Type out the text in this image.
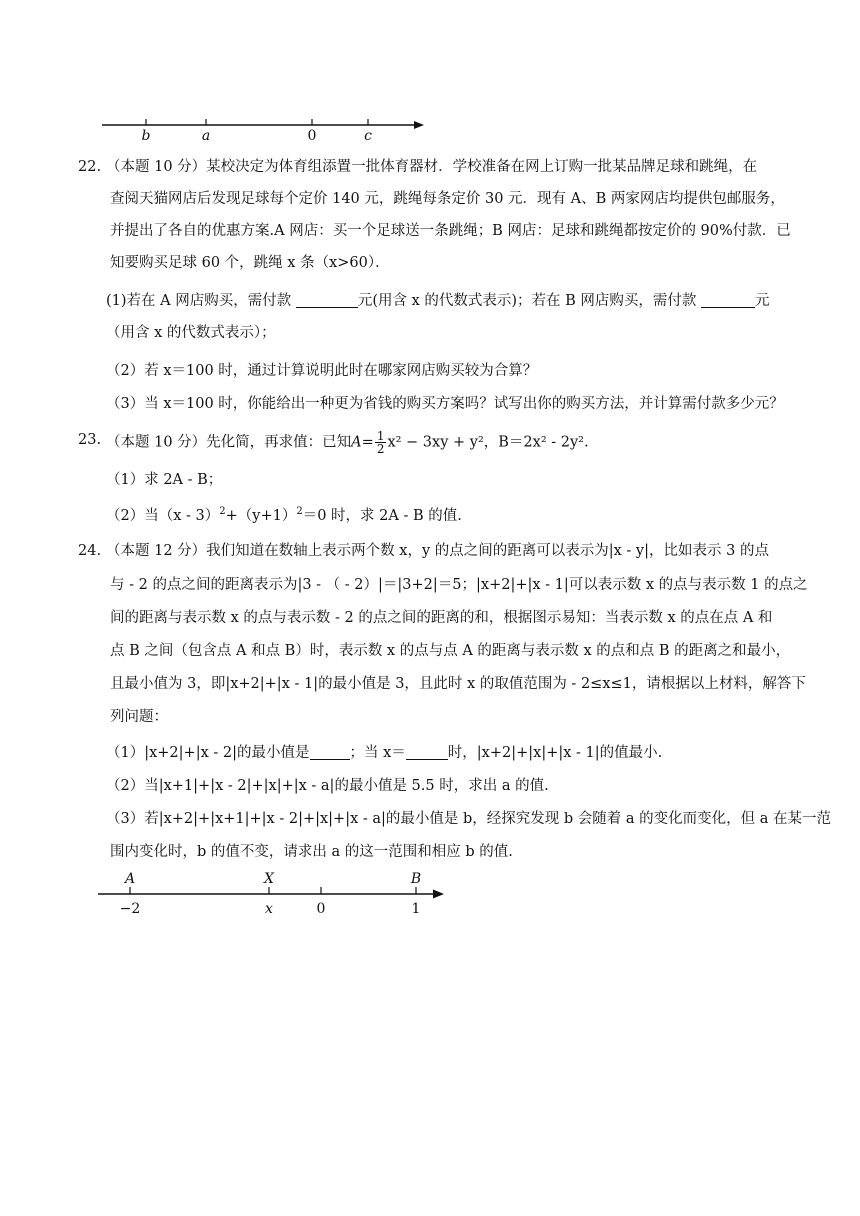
b	a	0	c
22. （本题 10 分）某校决定为体育组添置一批体育器材．学校准备在网上订购一批某品牌足球和跳绳，在
查阅天猫网店后发现足球每个定价 140 元，跳绳每条定价 30 元．现有 A、B 两家网店均提供包邮服务，
并提出了各自的优惠方案.A 网店：买一个足球送一条跳绳；B 网店：足球和跳绳都按定价的 90%付款．已
知要购买足球 60 个，跳绳 x 条（x>60）．
(1)若在 A 网店购买，需付款	元(用含 x 的代数式表示)；若在 B 网店购买，需付款	元
（用含 x 的代数式表示）；
（2）若 x＝100 时，通过计算说明此时在哪家网店购买较为合算？
（3）当 x＝100 时，你能给出一种更为省钱的购买方案吗？试写出你的购买方法，并计算需付款多少元？
23. （本题 10 分）先化简，再求值：已知$A= \frac{1}{2} x^2 - 3xy + y^2$，B＝2x² - 2y².
（1）求 2A - B；
（2）当$(x - 3)^2+(y+1)^2=0$ 时，求 2A - B 的值.
24. （本题 12 分）我们知道在数轴上表示两个数 x，y 的点之间的距离可以表示为|x - y|，比如表示 3 的点
与 - 2 的点之间的距离表示为|3 - （ - 2）|＝|3+2|＝5；|x+2|+|x - 1|可以表示数 x 的点与表示数 1 的点之
间的距离与表示数 x 的点与表示数 - 2 的点之间的距离的和，根据图示易知：当表示数 x 的点在点 A 和
点 B 之间（包含点 A 和点 B）时，表示数 x 的点与点 A 的距离与表示数 x 的点和点 B 的距离之和最小，
且最小值为 3，即|x+2|+|x - 1|的最小值是 3，且此时 x 的取值范围为 - 2≤x≤1，请根据以上材料，解答下
列问题：
（1）|x+2|+|x - 2|的最小值是	；当 x＝	时，|x+2|+|x|+|x - 1|的值最小.
（2）当|x+1|+|x - 2|+|x|+|x - a|的最小值是 5.5 时，求出 a 的值.
（3）若|x+2|+|x+1|+|x - 2|+|x|+|x - a|的最小值是 b，经探究发现 b 会随着 a 的变化而变化，但 a 在某一范
围内变化时，b 的值不变，请求出 a 的这一范围和相应 b 的值.
A	X	B
−2	x	0	1
